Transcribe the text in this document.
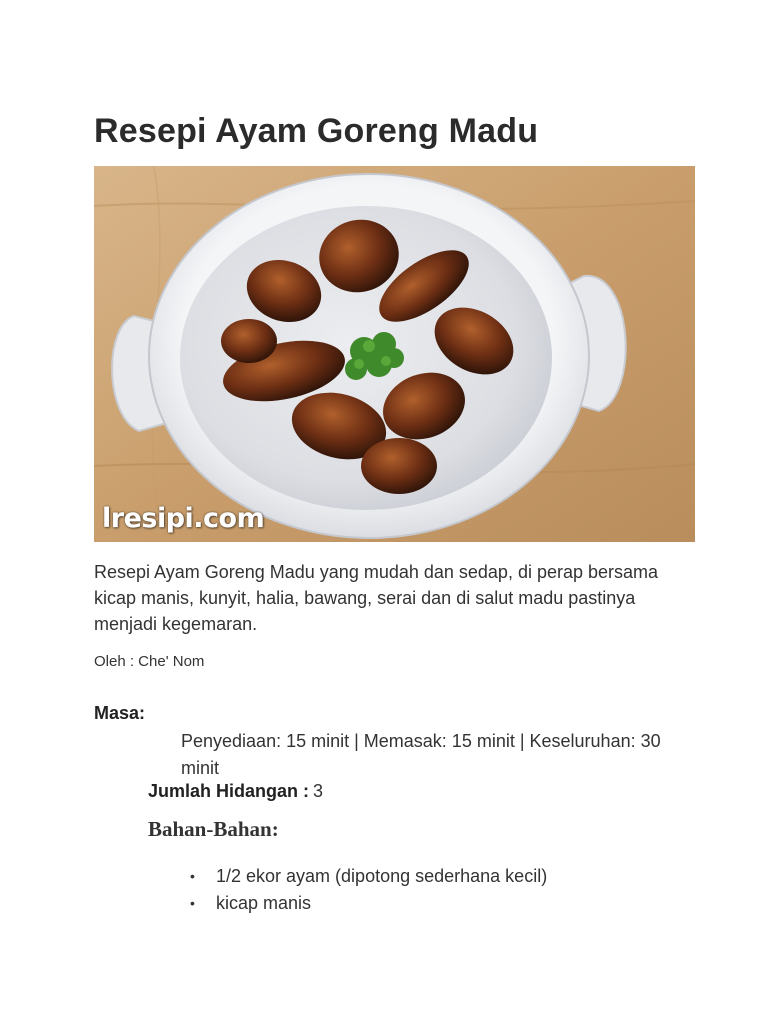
Resepi Ayam Goreng Madu
lresipi.com

Resepi Ayam Goreng Madu yang mudah dan sedap, di perap bersama kicap manis, kunyit, halia, bawang, serai dan di salut madu pastinya menjadi kegemaran.

Oleh : Che' Nom
Masa:
Penyediaan: 15 minit | Memasak: 15 minit | Keseluruhan: 30 minit
Jumlah Hidangan : 3
Bahan-Bahan:
• 1/2 ekor ayam (dipotong sederhana kecil)
• kicap manis
